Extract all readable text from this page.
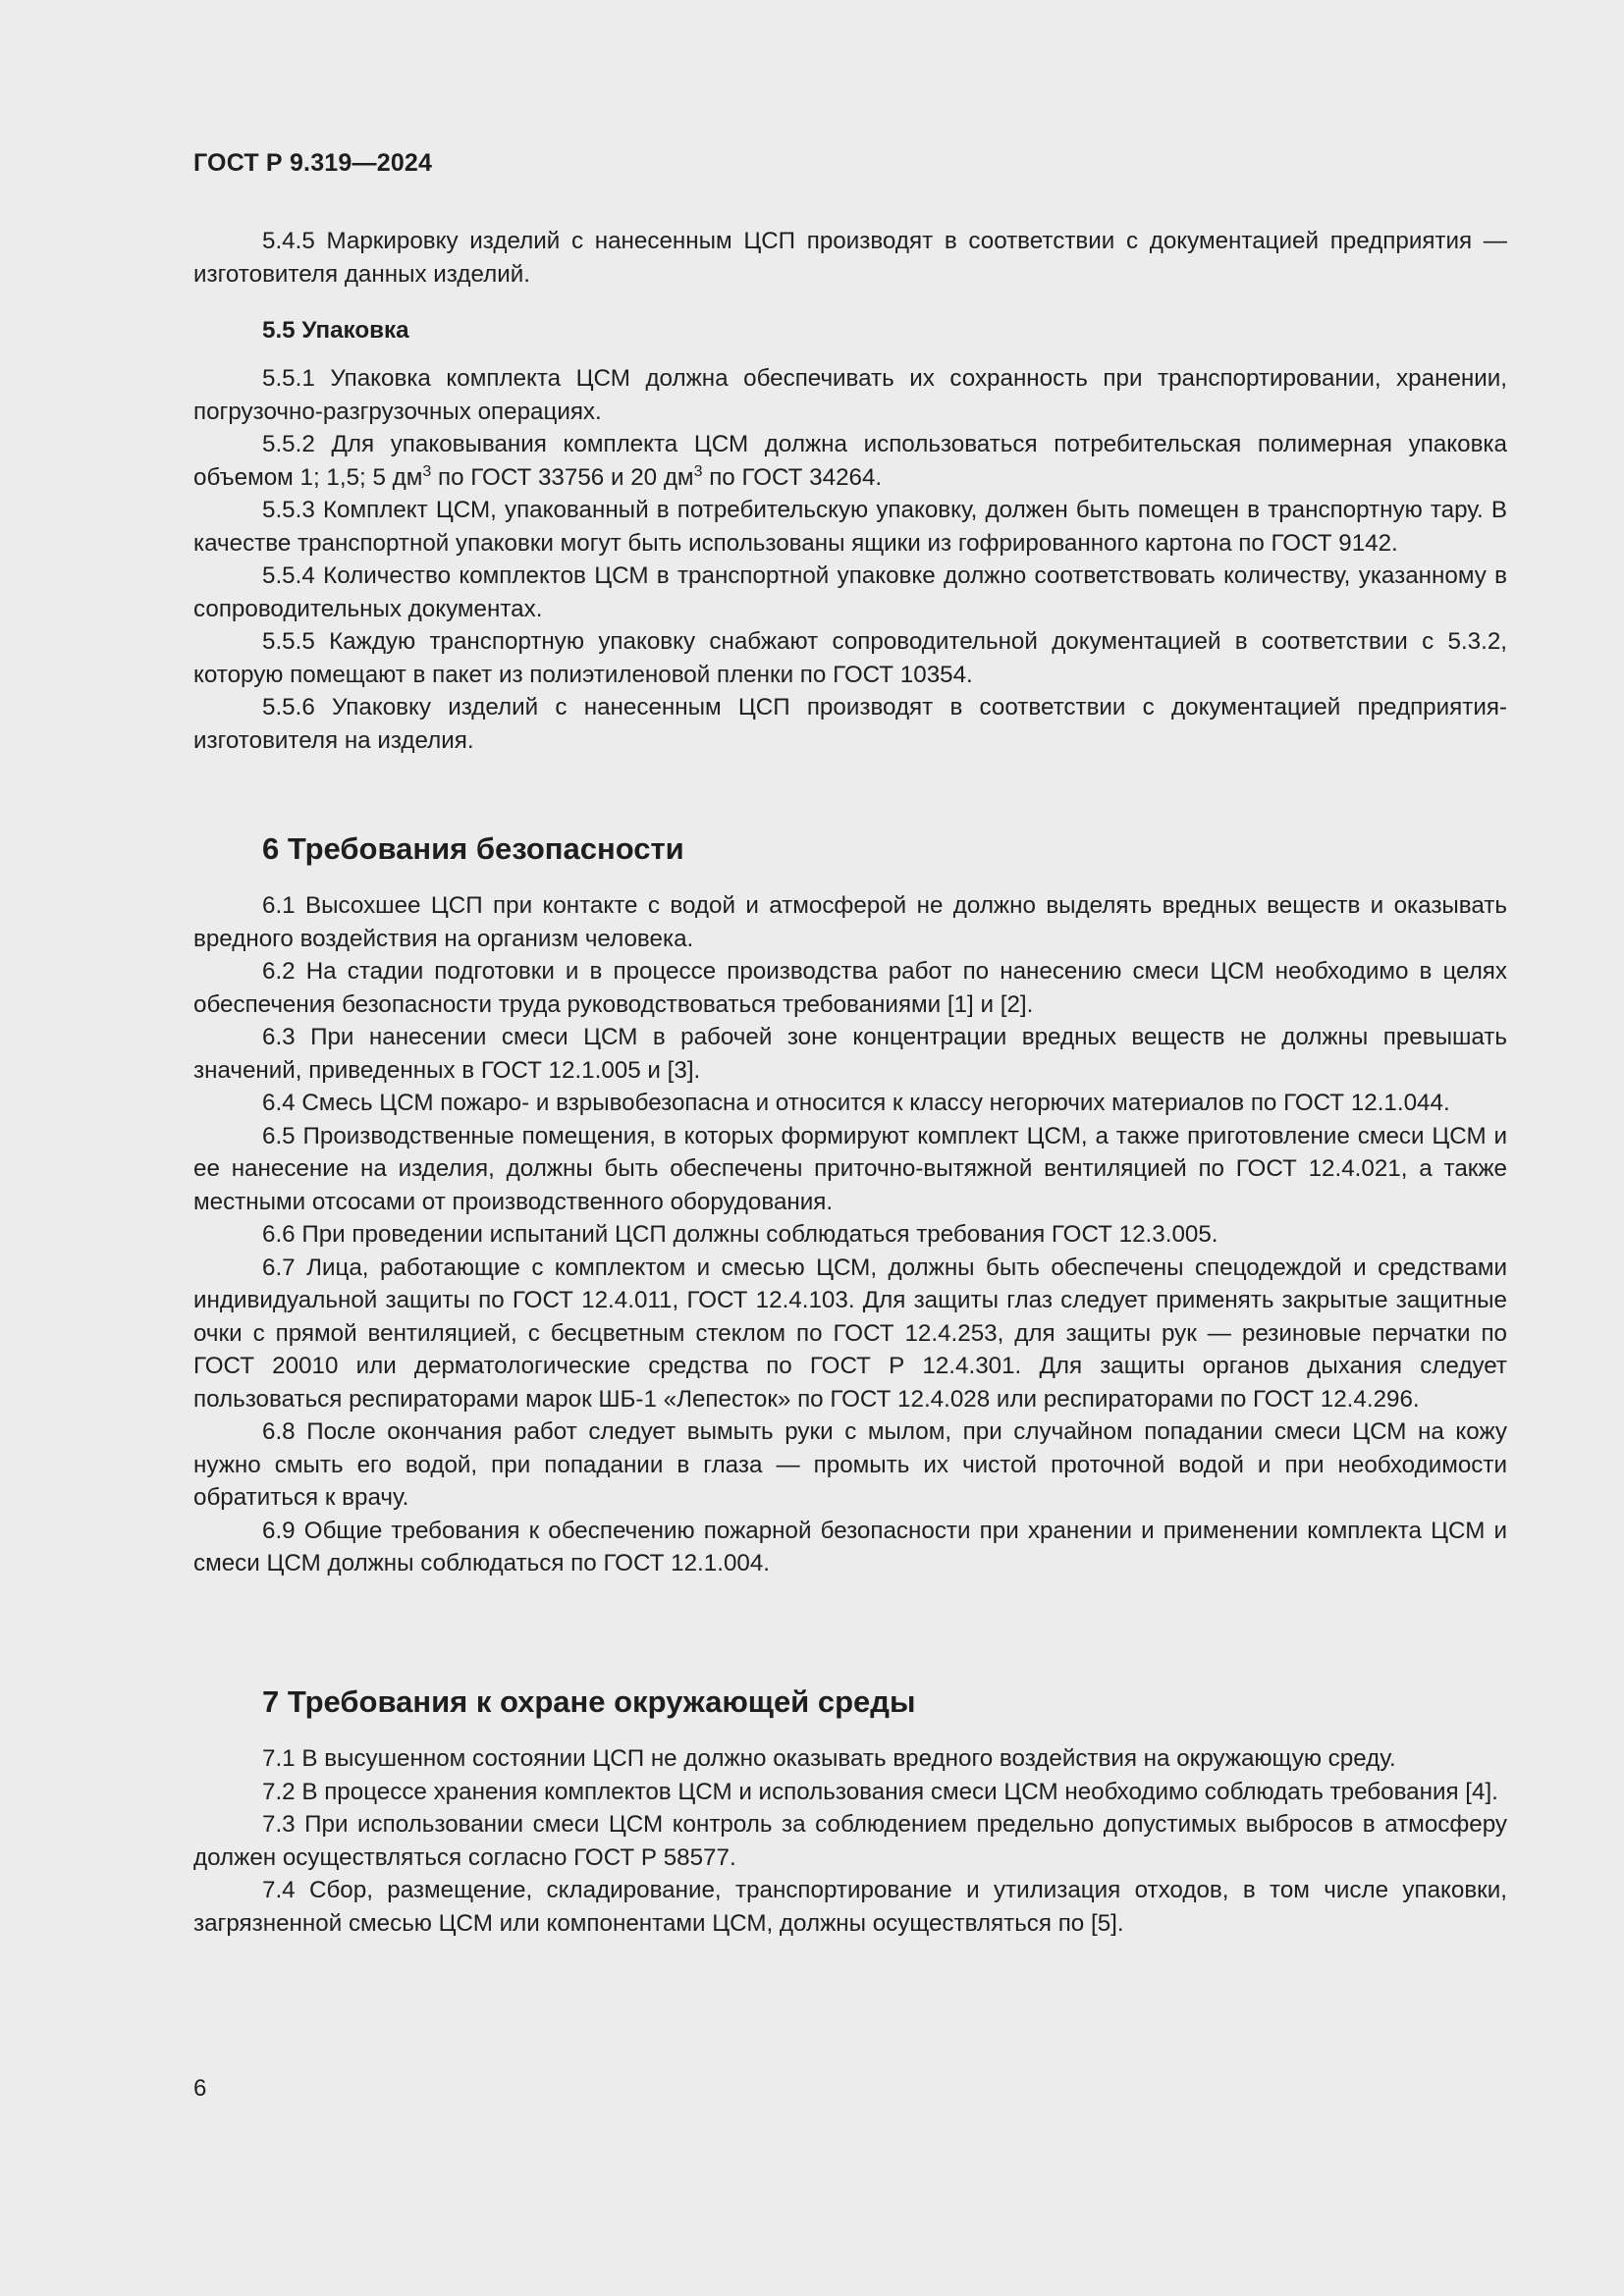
ГОСТ Р 9.319—2024

5.4.5 Маркировку изделий с нанесенным ЦСП производят в соответствии с документацией предприятия — изготовителя данных изделий.

5.5 Упаковка

5.5.1 Упаковка комплекта ЦСМ должна обеспечивать их сохранность при транспортировании, хранении, погрузочно-разгрузочных операциях.

5.5.2 Для упаковывания комплекта ЦСМ должна использоваться потребительская полимерная упаковка объемом 1; 1,5; 5 $дм^3$ по ГОСТ 33756 и 20 $дм^3$ по ГОСТ 34264.

5.5.3 Комплект ЦСМ, упакованный в потребительскую упаковку, должен быть помещен в транспортную тару. В качестве транспортной упаковки могут быть использованы ящики из гофрированного картона по ГОСТ 9142.

5.5.4 Количество комплектов ЦСМ в транспортной упаковке должно соответствовать количеству, указанному в сопроводительных документах.

5.5.5 Каждую транспортную упаковку снабжают сопроводительной документацией в соответствии с 5.3.2, которую помещают в пакет из полиэтиленовой пленки по ГОСТ 10354.

5.5.6 Упаковку изделий с нанесенным ЦСП производят в соответствии с документацией предприятия-изготовителя на изделия.

6 Требования безопасности

6.1 Высохшее ЦСП при контакте с водой и атмосферой не должно выделять вредных веществ и оказывать вредного воздействия на организм человека.

6.2 На стадии подготовки и в процессе производства работ по нанесению смеси ЦСМ необходимо в целях обеспечения безопасности труда руководствоваться требованиями [1] и [2].

6.3 При нанесении смеси ЦСМ в рабочей зоне концентрации вредных веществ не должны превышать значений, приведенных в ГОСТ 12.1.005 и [3].

6.4 Смесь ЦСМ пожаро- и взрывобезопасна и относится к классу негорючих материалов по ГОСТ 12.1.044.

6.5 Производственные помещения, в которых формируют комплект ЦСМ, а также приготовление смеси ЦСМ и ее нанесение на изделия, должны быть обеспечены приточно-вытяжной вентиляцией по ГОСТ 12.4.021, а также местными отсосами от производственного оборудования.

6.6 При проведении испытаний ЦСП должны соблюдаться требования ГОСТ 12.3.005.

6.7 Лица, работающие с комплектом и смесью ЦСМ, должны быть обеспечены спецодеждой и средствами индивидуальной защиты по ГОСТ 12.4.011, ГОСТ 12.4.103. Для защиты глаз следует применять закрытые защитные очки с прямой вентиляцией, с бесцветным стеклом по ГОСТ 12.4.253, для защиты рук — резиновые перчатки по ГОСТ 20010 или дерматологические средства по ГОСТ Р 12.4.301. Для защиты органов дыхания следует пользоваться респираторами марок ШБ-1 «Лепесток» по ГОСТ 12.4.028 или респираторами по ГОСТ 12.4.296.

6.8 После окончания работ следует вымыть руки с мылом, при случайном попадании смеси ЦСМ на кожу нужно смыть его водой, при попадании в глаза — промыть их чистой проточной водой и при необходимости обратиться к врачу.

6.9 Общие требования к обеспечению пожарной безопасности при хранении и применении комплекта ЦСМ и смеси ЦСМ должны соблюдаться по ГОСТ 12.1.004.

7 Требования к охране окружающей среды

7.1 В высушенном состоянии ЦСП не должно оказывать вредного воздействия на окружающую среду.

7.2 В процессе хранения комплектов ЦСМ и использования смеси ЦСМ необходимо соблюдать требования [4].

7.3 При использовании смеси ЦСМ контроль за соблюдением предельно допустимых выбросов в атмосферу должен осуществляться согласно ГОСТ Р 58577.

7.4 Сбор, размещение, складирование, транспортирование и утилизация отходов, в том числе упаковки, загрязненной смесью ЦСМ или компонентами ЦСМ, должны осуществляться по [5].

6
